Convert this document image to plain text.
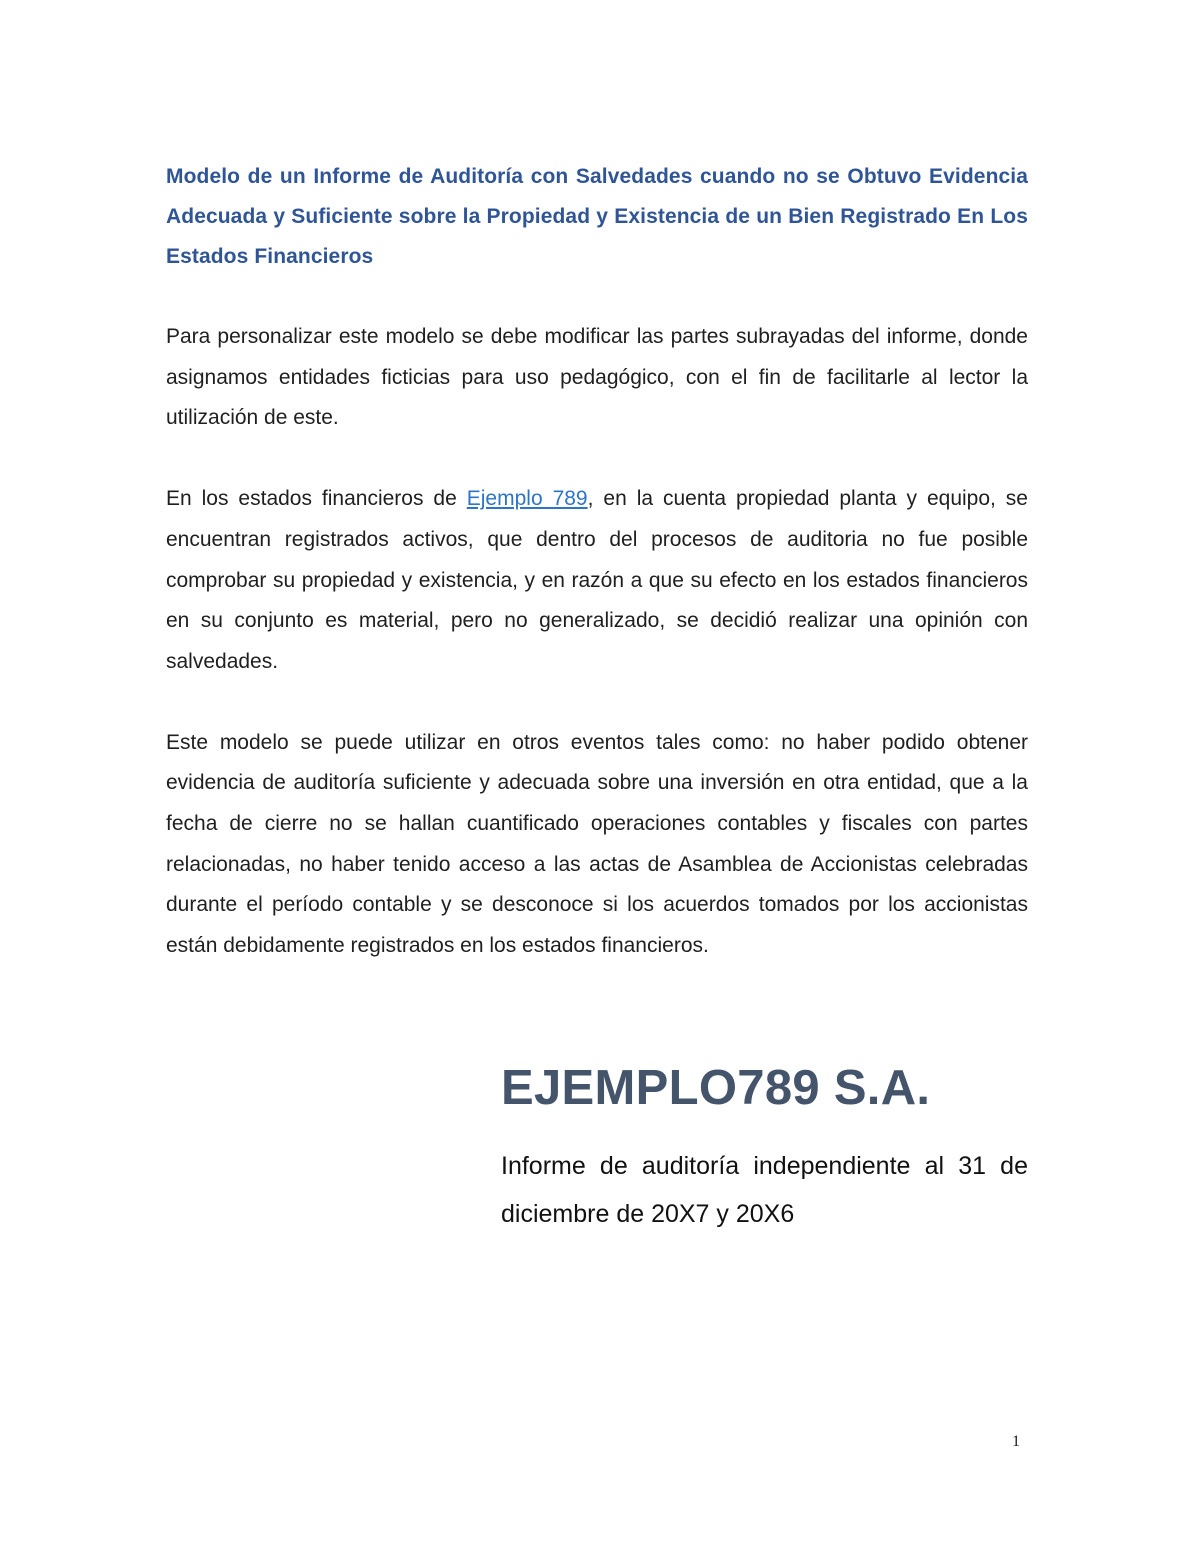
Modelo de un Informe de Auditoría con Salvedades cuando no se Obtuvo Evidencia Adecuada y Suficiente sobre la Propiedad y Existencia de un Bien Registrado En Los Estados Financieros

Para personalizar este modelo se debe modificar las partes subrayadas del informe, donde asignamos entidades ficticias para uso pedagógico, con el fin de facilitarle al lector la utilización de este.

En los estados financieros de Ejemplo 789, en la cuenta propiedad planta y equipo, se encuentran registrados activos, que dentro del procesos de auditoria no fue posible comprobar su propiedad y existencia, y en razón a que su efecto en los estados financieros en su conjunto es material, pero no generalizado, se decidió realizar una opinión con salvedades.

Este modelo se puede utilizar en otros eventos tales como: no haber podido obtener evidencia de auditoría suficiente y adecuada sobre una inversión en otra entidad, que a la fecha de cierre no se hallan cuantificado operaciones contables y fiscales con partes relacionadas, no haber tenido acceso a las actas de Asamblea de Accionistas celebradas durante el período contable y se desconoce si los acuerdos tomados por los accionistas están debidamente registrados en los estados financieros.

EJEMPLO789 S.A.

Informe de auditoría independiente al 31 de diciembre de 20X7 y 20X6

1
